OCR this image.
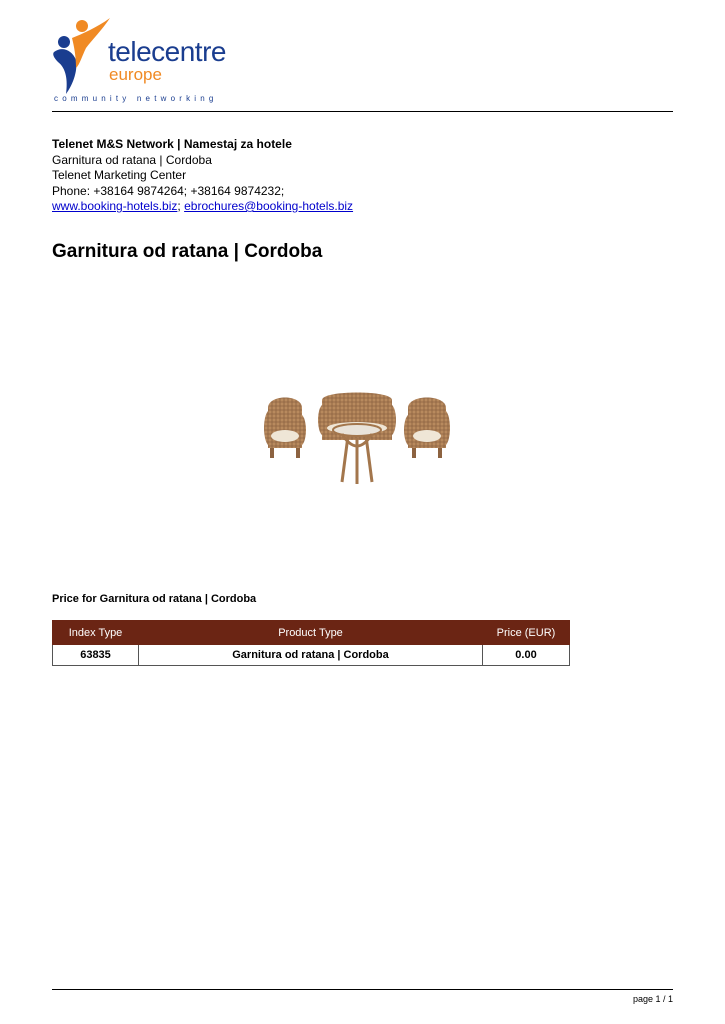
telecentre
europe
community networking
Telenet M&S Network | Namestaj za hotele
Garnitura od ratana | Cordoba
Telenet Marketing Center
Phone: +38164 9874264; +38164 9874232;
www.booking-hotels.biz; ebrochures@booking-hotels.biz
Garnitura od ratana | Cordoba
Price for Garnitura od ratana | Cordoba
Index Type	Product Type	Price (EUR)
63835	Garnitura od ratana | Cordoba	0.00
page 1 / 1
